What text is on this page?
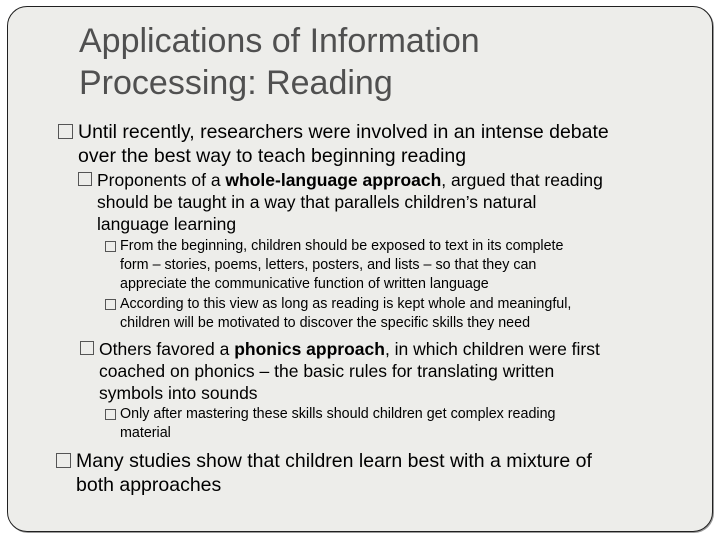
Applications of Information
Processing: Reading
Until recently, researchers were involved in an intense debate
over the best way to teach beginning reading
Proponents of a whole-language approach, argued that reading
should be taught in a way that parallels children’s natural
language learning
From the beginning, children should be exposed to text in its complete
form – stories, poems, letters, posters, and lists – so that they can
appreciate the communicative function of written language
According to this view as long as reading is kept whole and meaningful,
children will be motivated to discover the specific skills they need
Others favored a phonics approach, in which children were first
coached on phonics – the basic rules for translating written
symbols into sounds
Only after mastering these skills should children get complex reading
material
Many studies show that children learn best with a mixture of
both approaches
